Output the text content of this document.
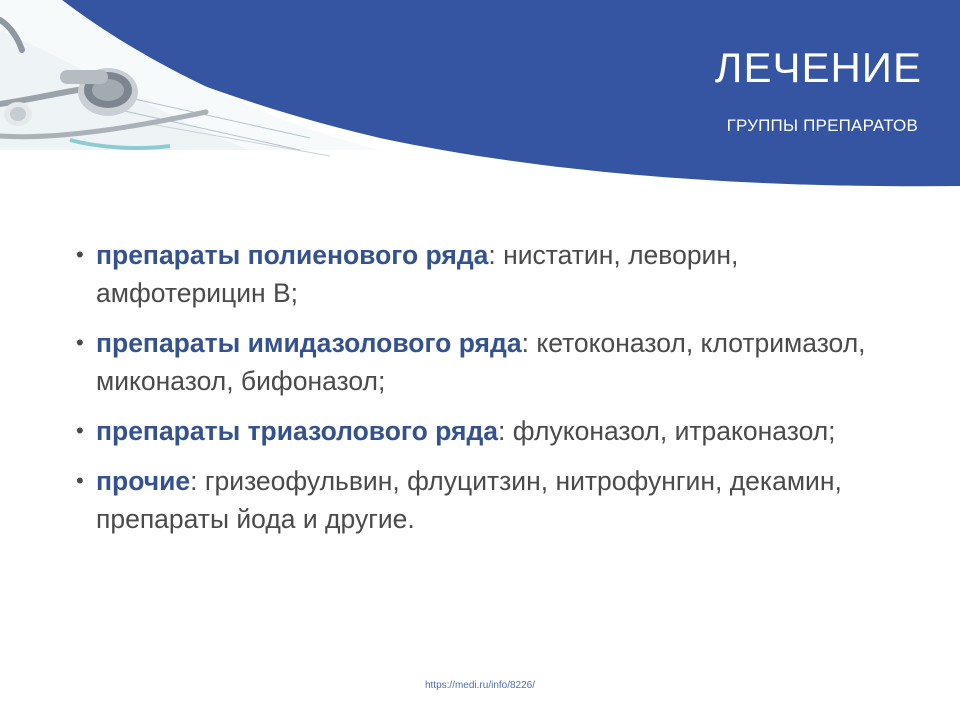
ЛЕЧЕНИЕ

ГРУППЫ ПРЕПАРАТОВ

• препараты полиенового ряда: нистатин, леворин, амфотерицин В;
• препараты имидазолового ряда: кетоконазол, клотримазол, миконазол, бифоназол;
• препараты триазолового ряда: флуконазол, итраконазол;
• прочие: гризеофульвин, флуцитзин, нитрофунгин, декамин, препараты йода и другие.
https://medi.ru/info/8226/
